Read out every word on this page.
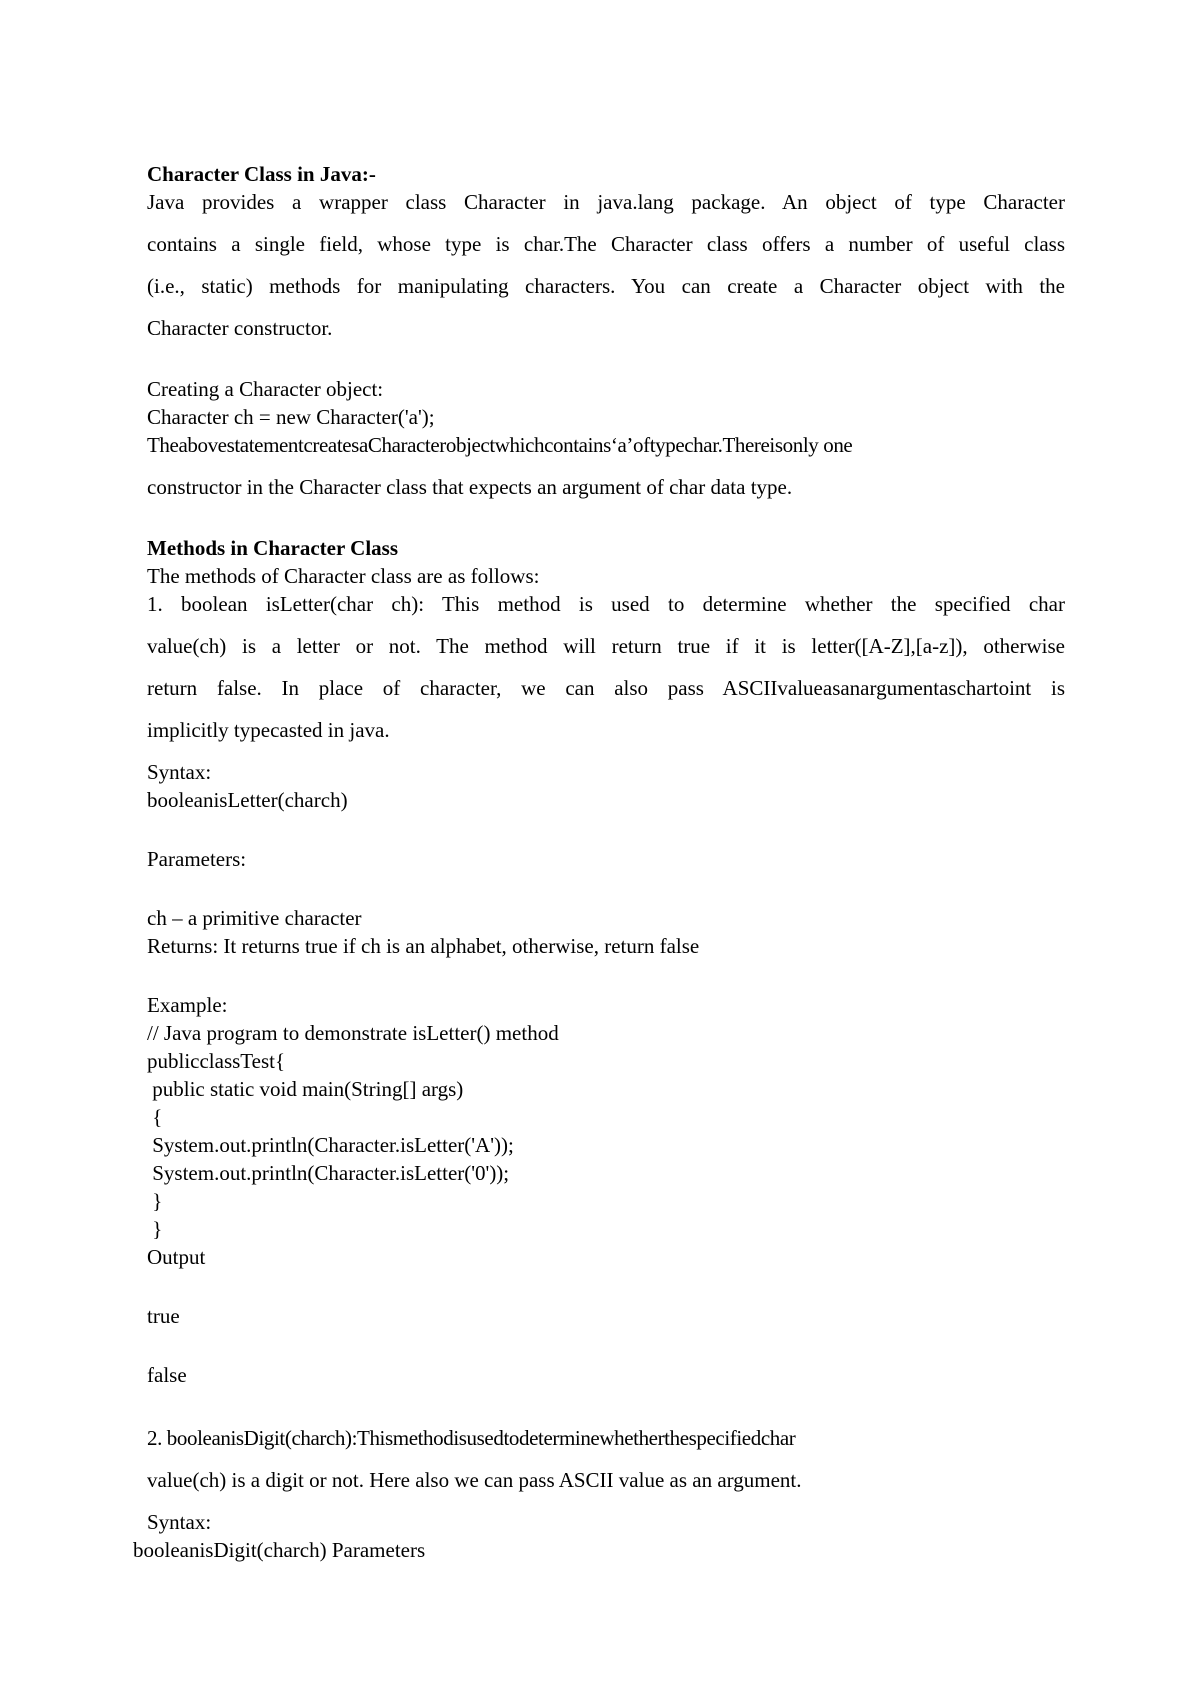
Character Class in Java:-
Java provides a wrapper class Character in java.lang package. An object of type Character
contains a single field, whose type is char.The Character class offers a number of useful class
(i.e., static) methods for manipulating characters. You can create a Character object with the
Character constructor.
Creating a Character object:
Character ch = new Character('a');
TheabovestatementcreatesaCharacterobjectwhichcontains‘a’oftypechar.Thereisonly one
constructor in the Character class that expects an argument of char data type.
Methods in Character Class
The methods of Character class are as follows:
1. boolean isLetter(char ch): This method is used to determine whether the specified char
value(ch) is a letter or not. The method will return true if it is letter([A-Z],[a-z]), otherwise
return false. In place of character, we can also pass ASCIIvalueasanargumentaschartoint is
implicitly typecasted in java.
Syntax:
booleanisLetter(charch)
Parameters:
ch – a primitive character
Returns: It returns true if ch is an alphabet, otherwise, return false
Example:
// Java program to demonstrate isLetter() method
publicclassTest{
public static void main(String[] args)
{
System.out.println(Character.isLetter('A'));
System.out.println(Character.isLetter('0'));
}
}
Output
true
false
2. booleanisDigit(charch):Thismethodisusedtodeterminewhetherthespecifiedchar
value(ch) is a digit or not. Here also we can pass ASCII value as an argument.
Syntax:
booleanisDigit(charch) Parameters
